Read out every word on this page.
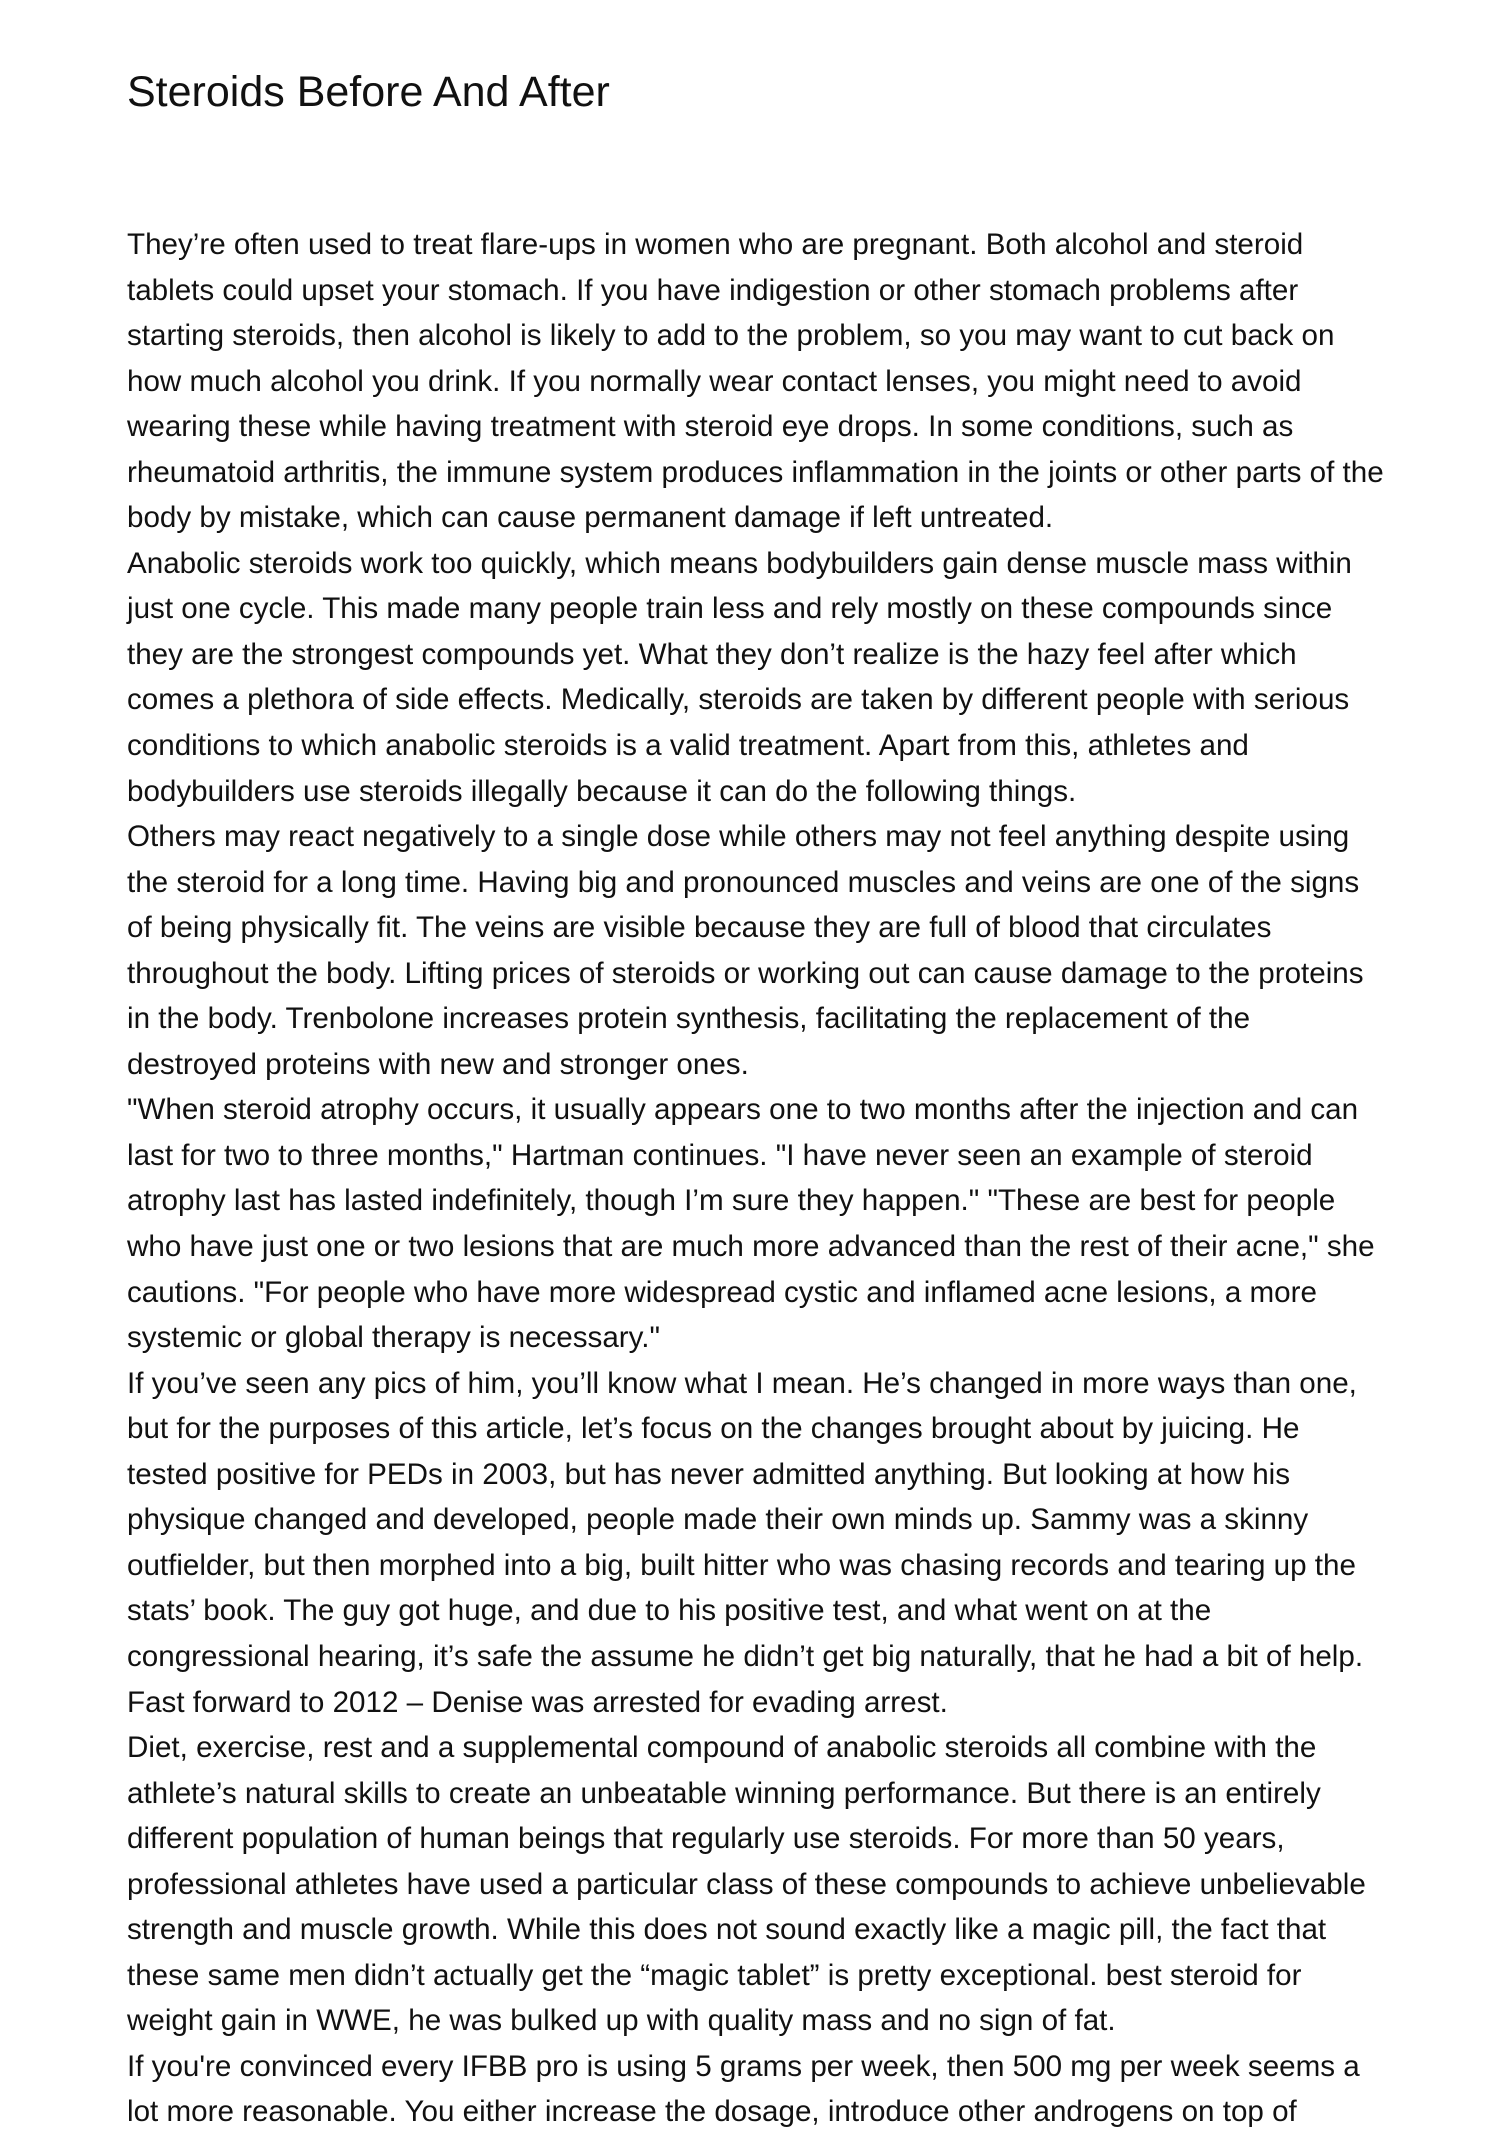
Steroids Before And After

They’re often used to treat flare-ups in women who are pregnant. Both alcohol and steroid tablets could upset your stomach. If you have indigestion or other stomach problems after starting steroids, then alcohol is likely to add to the problem, so you may want to cut back on how much alcohol you drink. If you normally wear contact lenses, you might need to avoid wearing these while having treatment with steroid eye drops. In some conditions, such as rheumatoid arthritis, the immune system produces inflammation in the joints or other parts of the body by mistake, which can cause permanent damage if left untreated.

Anabolic steroids work too quickly, which means bodybuilders gain dense muscle mass within just one cycle. This made many people train less and rely mostly on these compounds since they are the strongest compounds yet. What they don’t realize is the hazy feel after which comes a plethora of side effects. Medically, steroids are taken by different people with serious conditions to which anabolic steroids is a valid treatment. Apart from this, athletes and bodybuilders use steroids illegally because it can do the following things.

Others may react negatively to a single dose while others may not feel anything despite using the steroid for a long time. Having big and pronounced muscles and veins are one of the signs of being physically fit. The veins are visible because they are full of blood that circulates throughout the body. Lifting prices of steroids or working out can cause damage to the proteins in the body. Trenbolone increases protein synthesis, facilitating the replacement of the destroyed proteins with new and stronger ones.

"When steroid atrophy occurs, it usually appears one to two months after the injection and can last for two to three months," Hartman continues. "I have never seen an example of steroid atrophy last has lasted indefinitely, though I’m sure they happen." "These are best for people who have just one or two lesions that are much more advanced than the rest of their acne," she cautions. "For people who have more widespread cystic and inflamed acne lesions, a more systemic or global therapy is necessary."

If you’ve seen any pics of him, you’ll know what I mean. He’s changed in more ways than one, but for the purposes of this article, let’s focus on the changes brought about by juicing. He tested positive for PEDs in 2003, but has never admitted anything. But looking at how his physique changed and developed, people made their own minds up. Sammy was a skinny outfielder, but then morphed into a big, built hitter who was chasing records and tearing up the stats’ book. The guy got huge, and due to his positive test, and what went on at the congressional hearing, it’s safe the assume he didn’t get big naturally, that he had a bit of help. Fast forward to 2012 – Denise was arrested for evading arrest.

Diet, exercise, rest and a supplemental compound of anabolic steroids all combine with the athlete’s natural skills to create an unbeatable winning performance. But there is an entirely different population of human beings that regularly use steroids. For more than 50 years, professional athletes have used a particular class of these compounds to achieve unbelievable strength and muscle growth. While this does not sound exactly like a magic pill, the fact that these same men didn’t actually get the “magic tablet” is pretty exceptional. best steroid for weight gain in WWE, he was bulked up with quality mass and no sign of fat.

If you're convinced every IFBB pro is using 5 grams per week, then 500 mg per week seems a lot more reasonable. You either increase the dosage, introduce other androgens on top of
